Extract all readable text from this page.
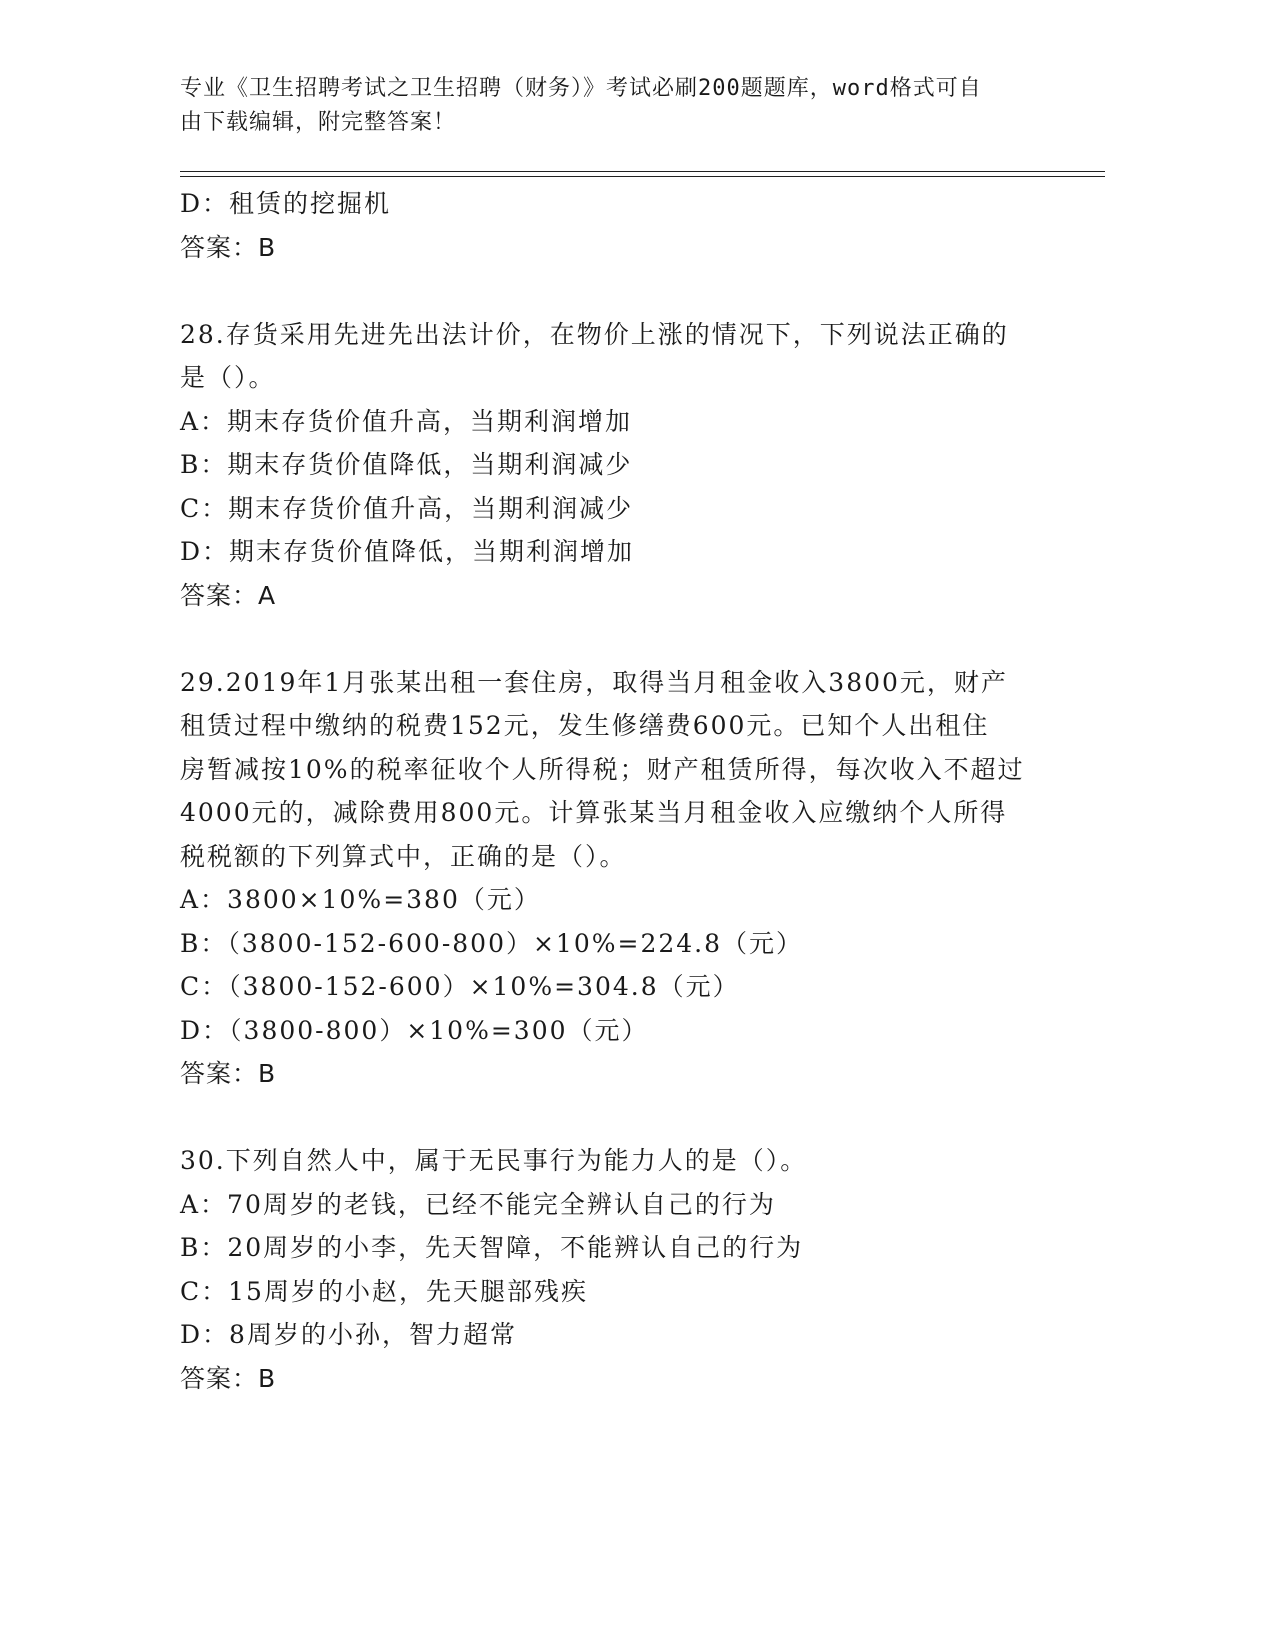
专业《卫生招聘考试之卫生招聘（财务）》考试必刷200题题库，word格式可自
由下载编辑，附完整答案！
D：租赁的挖掘机
答案：B
28.存货采用先进先出法计价，在物价上涨的情况下，下列说法正确的
是（）。
A：期末存货价值升高，当期利润增加
B：期末存货价值降低，当期利润减少
C：期末存货价值升高，当期利润减少
D：期末存货价值降低，当期利润增加
答案：A
29.2019年1月张某出租一套住房，取得当月租金收入3800元，财产
租赁过程中缴纳的税费152元，发生修缮费600元。已知个人出租住
房暂减按10%的税率征收个人所得税；财产租赁所得，每次收入不超过
4000元的，减除费用800元。计算张某当月租金收入应缴纳个人所得
税税额的下列算式中，正确的是（）。
A：3800×10%=380（元）
B：（3800-152-600-800）×10%=224.8（元）
C：（3800-152-600）×10%=304.8（元）
D：（3800-800）×10%=300（元）
答案：B
30.下列自然人中，属于无民事行为能力人的是（）。
A：70周岁的老钱，已经不能完全辨认自己的行为
B：20周岁的小李，先天智障，不能辨认自己的行为
C：15周岁的小赵，先天腿部残疾
D：8周岁的小孙，智力超常
答案：B
